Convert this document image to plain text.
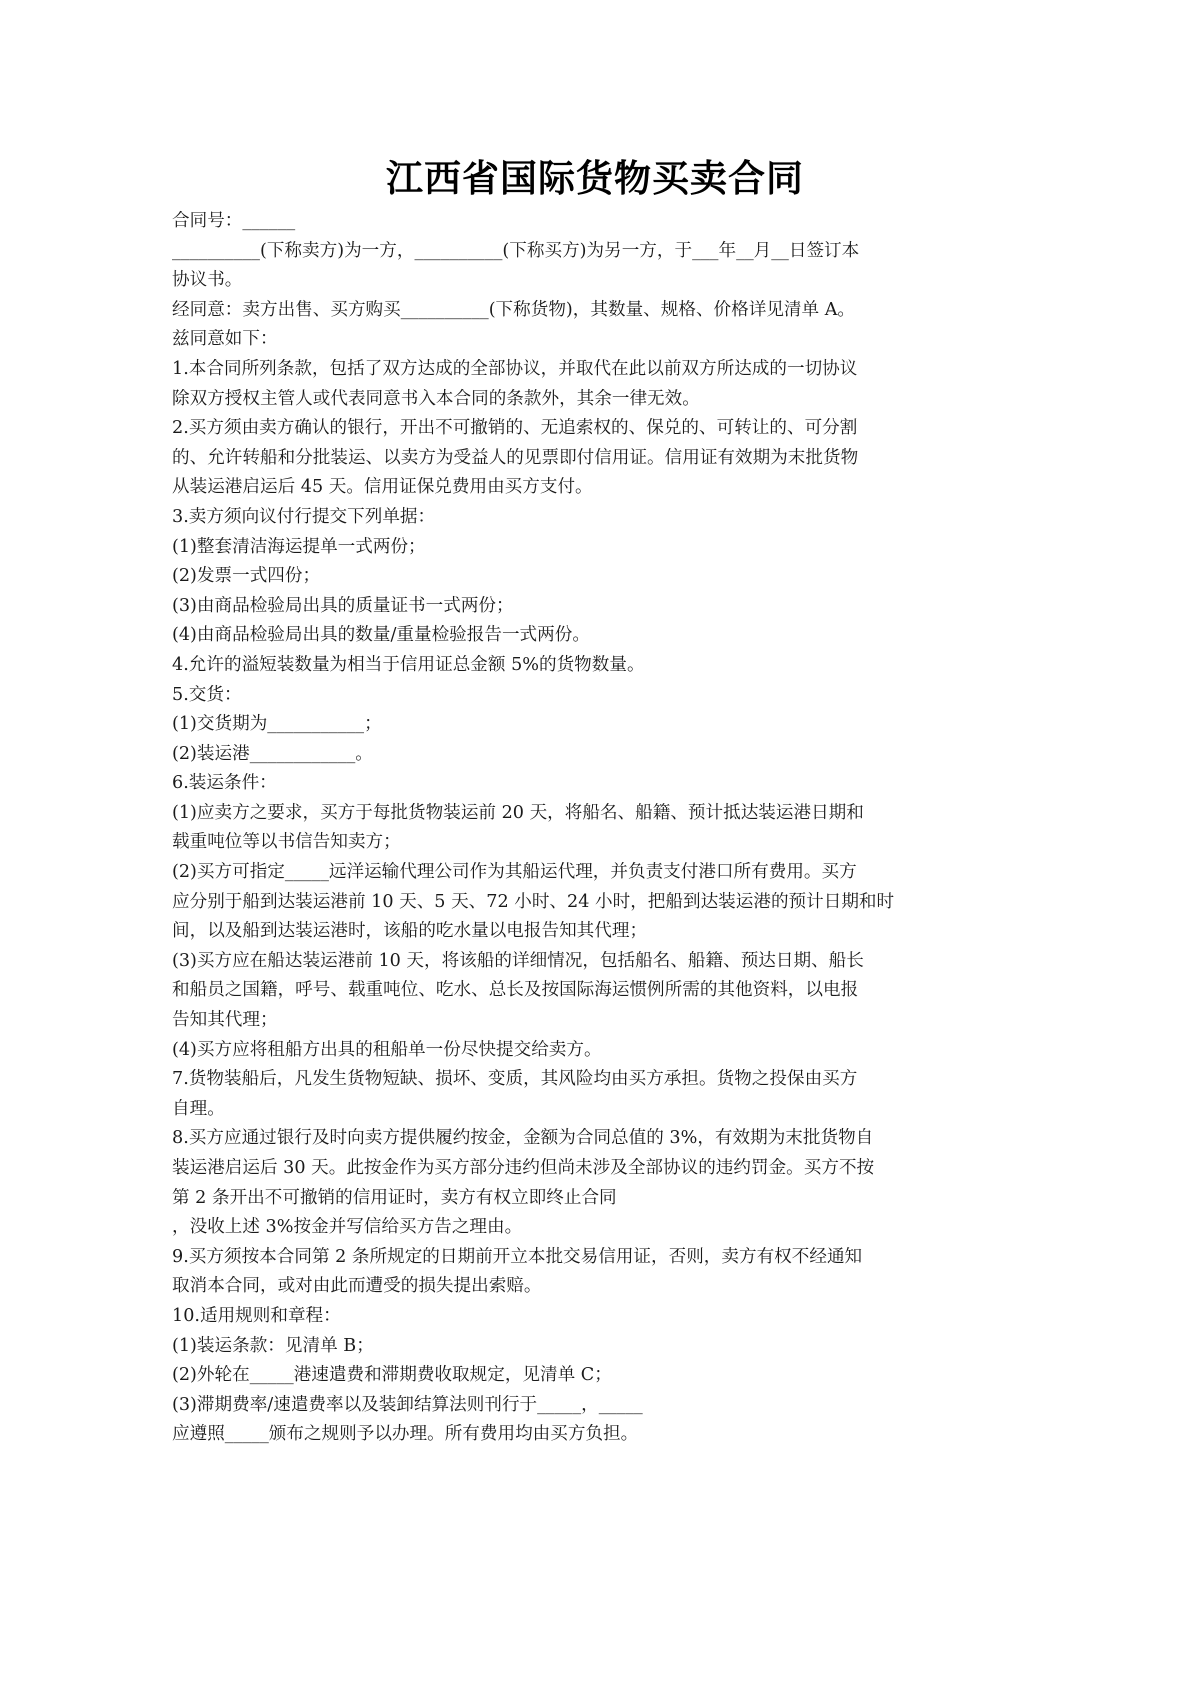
江西省国际货物买卖合同
合同号：______
__________(下称卖方)为一方，__________(下称买方)为另一方，于___年__月__日签订本
协议书。
经同意：卖方出售、买方购买__________(下称货物)，其数量、规格、价格详见清单 A。
兹同意如下：
1.本合同所列条款，包括了双方达成的全部协议，并取代在此以前双方所达成的一切协议
除双方授权主管人或代表同意书入本合同的条款外，其余一律无效。
2.买方须由卖方确认的银行，开出不可撤销的、无追索权的、保兑的、可转让的、可分割
的、允许转船和分批装运、以卖方为受益人的见票即付信用证。信用证有效期为末批货物
从装运港启运后 45 天。信用证保兑费用由买方支付。
3.卖方须向议付行提交下列单据：
(1)整套清洁海运提单一式两份；
(2)发票一式四份；
(3)由商品检验局出具的质量证书一式两份；
(4)由商品检验局出具的数量/重量检验报告一式两份。
4.允许的溢短装数量为相当于信用证总金额 5%的货物数量。
5.交货：
(1)交货期为___________；
(2)装运港____________。
6.装运条件：
(1)应卖方之要求，买方于每批货物装运前 20 天，将船名、船籍、预计抵达装运港日期和
载重吨位等以书信告知卖方；
(2)买方可指定_____远洋运输代理公司作为其船运代理，并负责支付港口所有费用。买方
应分别于船到达装运港前 10 天、5 天、72 小时、24 小时，把船到达装运港的预计日期和时
间，以及船到达装运港时，该船的吃水量以电报告知其代理；
(3)买方应在船达装运港前 10 天，将该船的详细情况，包括船名、船籍、预达日期、船长
和船员之国籍，呼号、载重吨位、吃水、总长及按国际海运惯例所需的其他资料，以电报
告知其代理；
(4)买方应将租船方出具的租船单一份尽快提交给卖方。
7.货物装船后，凡发生货物短缺、损坏、变质，其风险均由买方承担。货物之投保由买方
自理。
8.买方应通过银行及时向卖方提供履约按金，金额为合同总值的 3%，有效期为末批货物自
装运港启运后 30 天。此按金作为买方部分违约但尚未涉及全部协议的违约罚金。买方不按
第 2 条开出不可撤销的信用证时，卖方有权立即终止合同
，没收上述 3%按金并写信给买方告之理由。
9.买方须按本合同第 2 条所规定的日期前开立本批交易信用证，否则，卖方有权不经通知
取消本合同，或对由此而遭受的损失提出索赔。
10.适用规则和章程：
(1)装运条款：见清单 B；
(2)外轮在_____港速遣费和滞期费收取规定，见清单 C；
(3)滞期费率/速遣费率以及装卸结算法则刊行于_____，_____
应遵照_____颁布之规则予以办理。所有费用均由买方负担。
